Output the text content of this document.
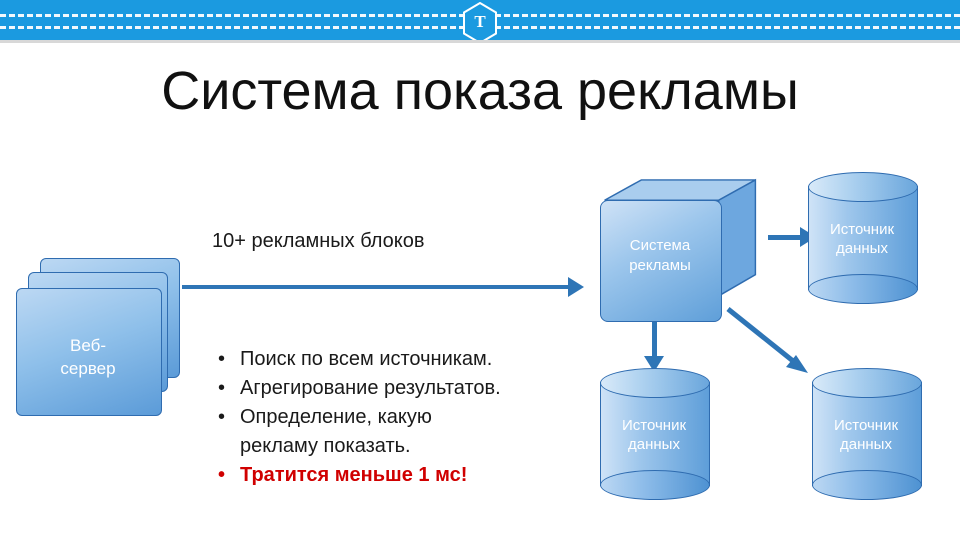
T
Система показа рекламы
Веб-
сервер
10+ рекламных блоков
• Поиск по всем источникам.
• Агрегирование результатов.
• Определение, какую
рекламу показать.
• Тратится меньше 1 мс!
Система
рекламы
Источник
данных
Источник
данных
Источник
данных
